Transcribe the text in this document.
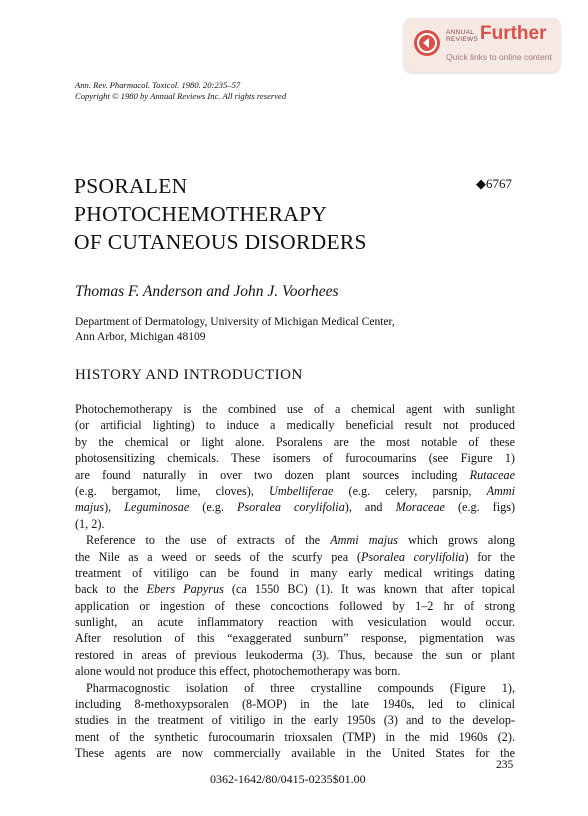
ANNUAL
REVIEWS Further
Quick links to online content
Ann. Rev. Pharmacol. Toxicol. 1980. 20:235–57
Copyright © 1980 by Annual Reviews Inc. All rights reserved
PSORALEN
PHOTOCHEMOTHERAPY
OF CUTANEOUS DISORDERS
◆6767
Thomas F. Anderson and John J. Voorhees
Department of Dermatology, University of Michigan Medical Center,
Ann Arbor, Michigan 48109
HISTORY AND INTRODUCTION
Photochemotherapy is the combined use of a chemical agent with sunlight
(or artificial lighting) to induce a medically beneficial result not produced
by the chemical or light alone. Psoralens are the most notable of these
photosensitizing chemicals. These isomers of furocoumarins (see Figure 1)
are found naturally in over two dozen plant sources including Rutaceae
(e.g. bergamot, lime, cloves), Umbelliferae (e.g. celery, parsnip, Ammi
majus), Leguminosae (e.g. Psoralea corylifolia), and Moraceae (e.g. figs)
(1, 2).
Reference to the use of extracts of the Ammi majus which grows along
the Nile as a weed or seeds of the scurfy pea (Psoralea corylifolia) for the
treatment of vitiligo can be found in many early medical writings dating
back to the Ebers Papyrus (ca 1550 BC) (1). It was known that after topical
application or ingestion of these concoctions followed by 1–2 hr of strong
sunlight, an acute inflammatory reaction with vesiculation would occur.
After resolution of this “exaggerated sunburn” response, pigmentation was
restored in areas of previous leukoderma (3). Thus, because the sun or plant
alone would not produce this effect, photochemotherapy was born.
Pharmacognostic isolation of three crystalline compounds (Figure 1),
including 8-methoxypsoralen (8-MOP) in the late 1940s, led to clinical
studies in the treatment of vitiligo in the early 1950s (3) and to the develop-
ment of the synthetic furocoumarin trioxsalen (TMP) in the mid 1960s (2).
These agents are now commercially available in the United States for the
235
0362-1642/80/0415-0235$01.00
